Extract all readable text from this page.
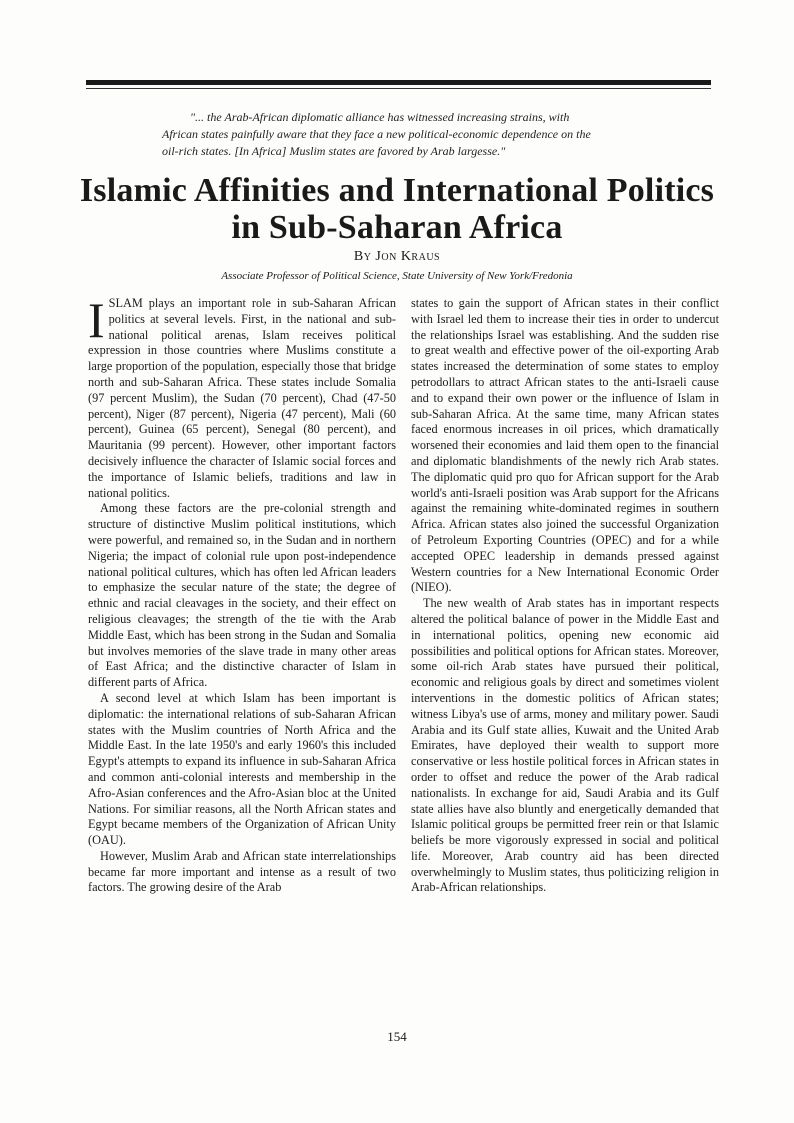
"... the Arab-African diplomatic alliance has witnessed increasing strains, with
African states painfully aware that they face a new political-economic dependence on the
oil-rich states. [In Africa] Muslim states are favored by Arab largesse."
Islamic Affinities and International Politics
in Sub-Saharan Africa
By Jon Kraus
Associate Professor of Political Science, State University of New York/Fredonia

ISLAM plays an important role in sub-Saharan African politics at several levels. First, in the national and sub-national political arenas, Islam receives political expression in those countries where Muslims constitute a large proportion of the population, especially those that bridge north and sub-Saharan Africa. These states include Somalia (97 percent Muslim), the Sudan (70 percent), Chad (47-50 percent), Niger (87 percent), Nigeria (47 percent), Mali (60 percent), Guinea (65 percent), Senegal (80 percent), and Mauritania (99 percent). However, other important factors decisively influence the character of Islamic social forces and the importance of Islamic beliefs, traditions and law in national politics.

Among these factors are the pre-colonial strength and structure of distinctive Muslim political institutions, which were powerful, and remained so, in the Sudan and in northern Nigeria; the impact of colonial rule upon post-independence national political cultures, which has often led African leaders to emphasize the secular nature of the state; the degree of ethnic and racial cleavages in the society, and their effect on religious cleavages; the strength of the tie with the Arab Middle East, which has been strong in the Sudan and Somalia but involves memories of the slave trade in many other areas of East Africa; and the distinctive character of Islam in different parts of Africa.

A second level at which Islam has been important is diplomatic: the international relations of sub-Saharan African states with the Muslim countries of North Africa and the Middle East. In the late 1950's and early 1960's this included Egypt's attempts to expand its influence in sub-Saharan Africa and common anti-colonial interests and membership in the Afro-Asian conferences and the Afro-Asian bloc at the United Nations. For similiar reasons, all the North African states and Egypt became members of the Organization of African Unity (OAU).

However, Muslim Arab and African state interrelationships became far more important and intense as a result of two factors. The growing desire of the Arab

states to gain the support of African states in their conflict with Israel led them to increase their ties in order to undercut the relationships Israel was establishing. And the sudden rise to great wealth and effective power of the oil-exporting Arab states increased the determination of some states to employ petrodollars to attract African states to the anti-Israeli cause and to expand their own power or the influence of Islam in sub-Saharan Africa. At the same time, many African states faced enormous increases in oil prices, which dramatically worsened their economies and laid them open to the financial and diplomatic blandishments of the newly rich Arab states. The diplomatic quid pro quo for African support for the Arab world's anti-Israeli position was Arab support for the Africans against the remaining white-dominated regimes in southern Africa. African states also joined the successful Organization of Petroleum Exporting Countries (OPEC) and for a while accepted OPEC leadership in demands pressed against Western countries for a New International Economic Order (NIEO).

The new wealth of Arab states has in important respects altered the political balance of power in the Middle East and in international politics, opening new economic aid possibilities and political options for African states. Moreover, some oil-rich Arab states have pursued their political, economic and religious goals by direct and sometimes violent interventions in the domestic politics of African states; witness Libya's use of arms, money and military power. Saudi Arabia and its Gulf state allies, Kuwait and the United Arab Emirates, have deployed their wealth to support more conservative or less hostile political forces in African states in order to offset and reduce the power of the Arab radical nationalists. In exchange for aid, Saudi Arabia and its Gulf state allies have also bluntly and energetically demanded that Islamic political groups be permitted freer rein or that Islamic beliefs be more vigorously expressed in social and political life. Moreover, Arab country aid has been directed overwhelmingly to Muslim states, thus politicizing religion in Arab-African relationships.

154
